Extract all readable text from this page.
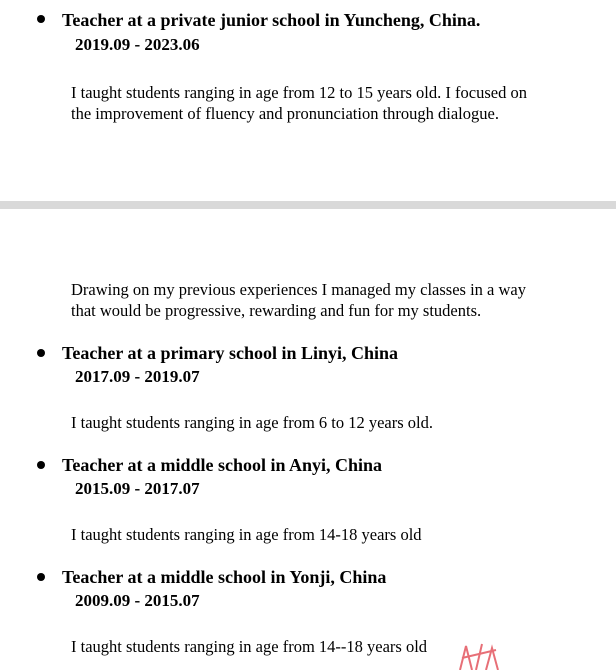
Teacher at a private junior school in Yuncheng, China.
2019.09 - 2023.06
I taught students ranging in age from 12 to 15 years old. I focused on
the improvement of fluency and pronunciation through dialogue.
Drawing on my previous experiences I managed my classes in a way
that would be progressive, rewarding and fun for my students.
Teacher at a primary school in Linyi, China
2017.09 - 2019.07
I taught students ranging in age from 6 to 12 years old.
Teacher at a middle school in Anyi, China
2015.09 - 2017.07
I taught students ranging in age from 14-18 years old
Teacher at a middle school in Yonji, China
2009.09 - 2015.07
I taught students ranging in age from 14--18 years old
